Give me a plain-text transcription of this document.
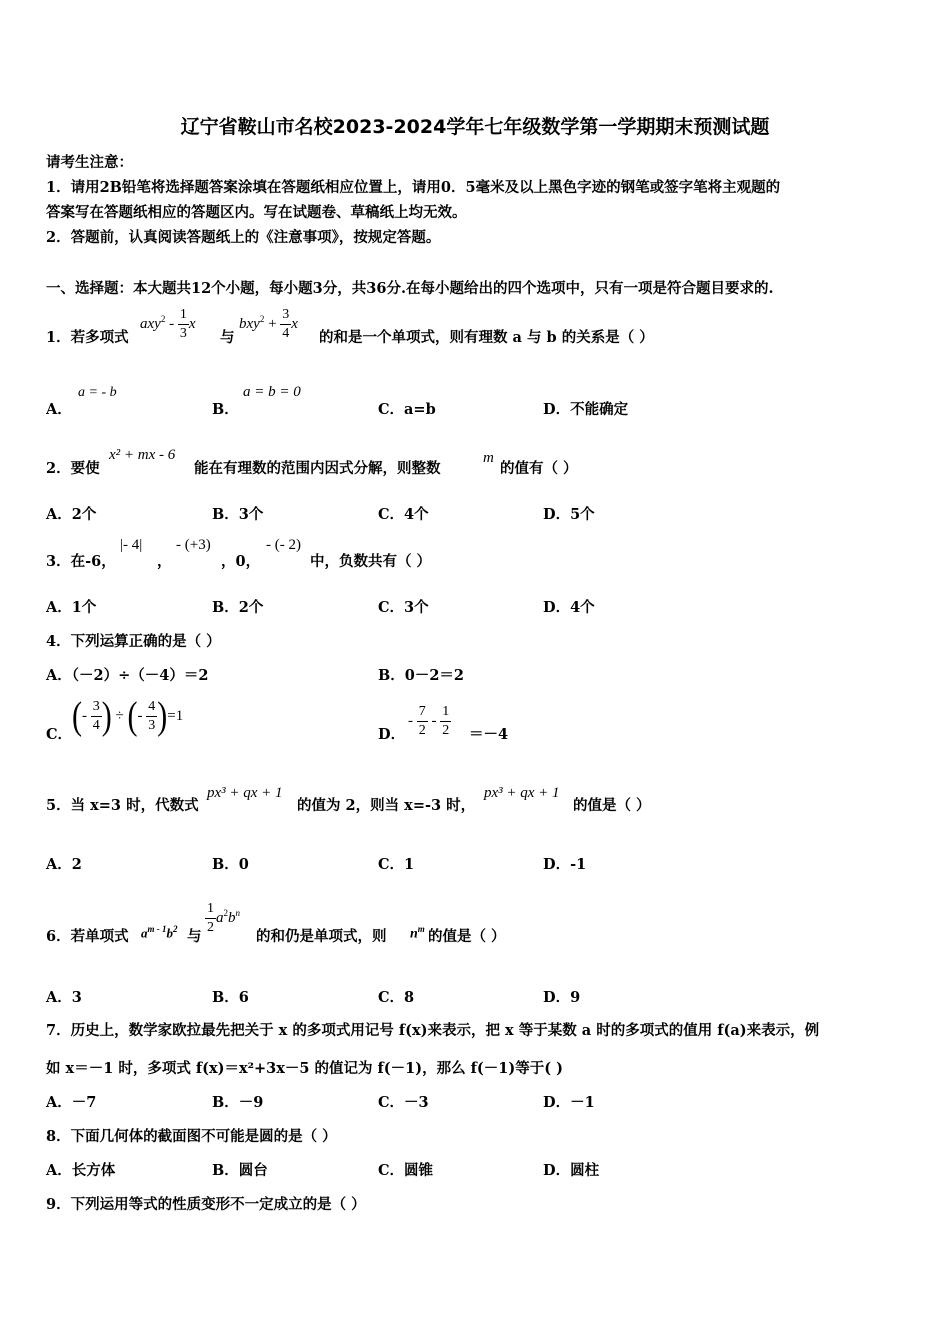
辽宁省鞍山市名校2023-2024学年七年级数学第一学期期末预测试题
请考生注意：
1．请用2B铅笔将选择题答案涂填在答题纸相应位置上，请用0．5毫米及以上黑色字迹的钢笔或签字笔将主观题的
答案写在答题纸相应的答题区内。写在试题卷、草稿纸上均无效。
2．答题前，认真阅读答题纸上的《注意事项》，按规定答题。
一、选择题：本大题共12个小题，每小题3分，共36分.在每小题给出的四个选项中，只有一项是符合题目要求的.
1．若多项式
$axy^2 - \frac{1}{3}$ x
与
$bxy^2 + \frac{3}{4}$ x
的和是一个单项式，则有理数 a 与 b 的关系是（ ）
A．
a = - b
B．
a = b = 0
C．a=b	D．不能确定
2．要使
x² + mx - 6
能在有理数的范围内因式分解，则整数
m
的值有（ ）
A．2个	B．3个	C．4个	D．5个
3．在-6，
|- 4|
，
- (+3)
，0，
- (- 2)
中，负数共有（ ）
A．1个	B．2个	C．3个	D．4个
4．下列运算正确的是（ ）
A．（－2）÷（－4）＝2	B．0－2＝2
C． (- $\frac{3}{4}$ ) ÷ (- $\frac{4}{3} )=1$
D．
- $\frac{7}{2} - \frac{1}{2} =-4$
5．当 x=3 时，代数式
px³ + qx + 1
的值为 2，则当 x=-3 时，
px³ + qx + 1
的值是（ ）
A．2	B．0	C．1	D．-1
6．若单项式 $a^{m - 1}b^2$ 与 $\frac{1}{2} a^2b^n$
的和仍是单项式，则 $n^m$ 的值是（ ）
A．3	B．6	C．8	D．9
7．历史上，数学家欧拉最先把关于 x 的多项式用记号 f(x)来表示，把 x 等于某数 a 时的多项式的值用 f(a)来表示，例
如 x＝－1 时，多项式 f(x)＝x²+3x－5 的值记为 f(－1)，那么 f(－1)等于( )
A．－7	B．－9	C．－3	D．－1
8．下面几何体的截面图不可能是圆的是（ ）
A．长方体	B．圆台	C．圆锥	D．圆柱
9．下列运用等式的性质变形不一定成立的是（ ）
